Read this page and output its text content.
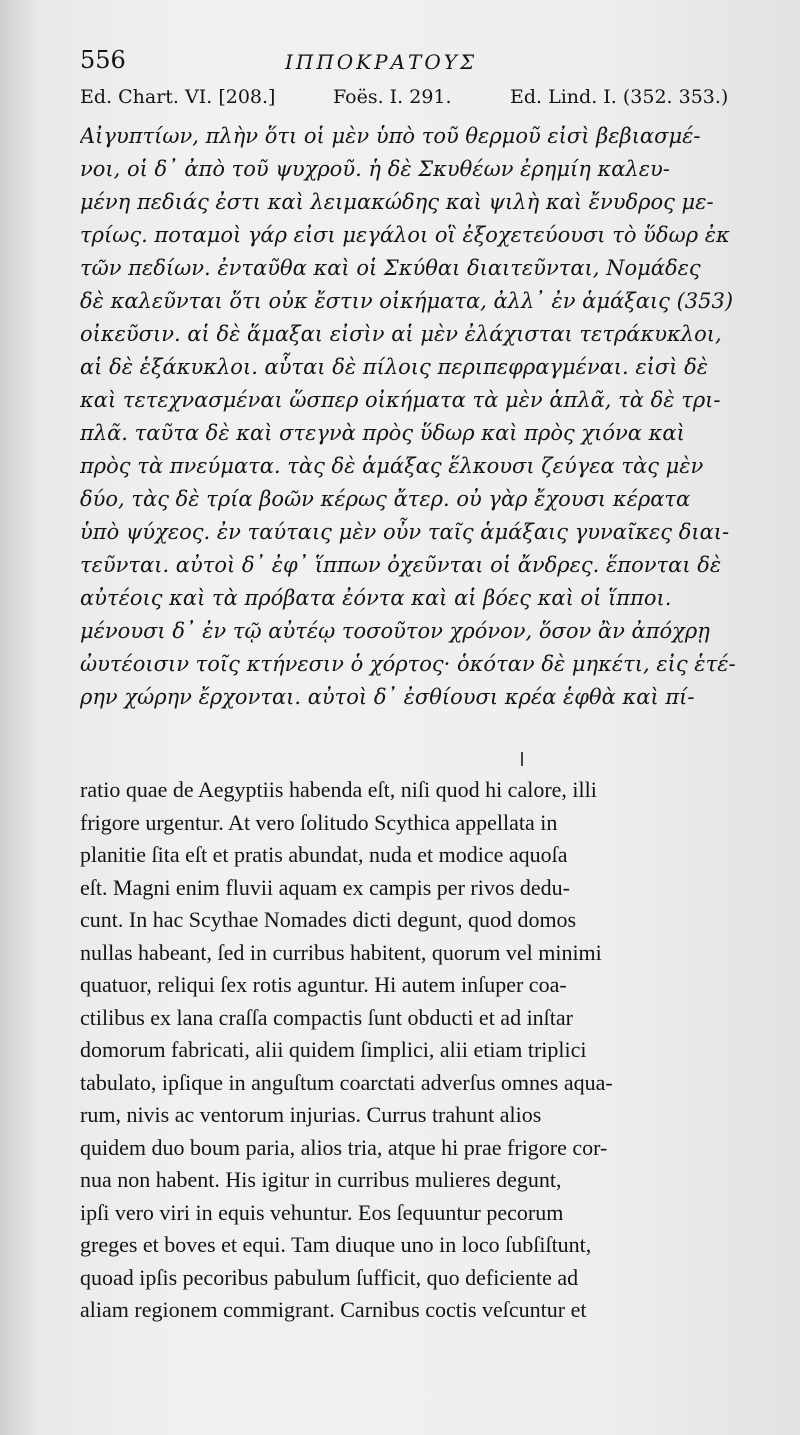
556	ΙΠΠΟΚΡΑΤΟΥΣ
Ed. Chart. VI. [208.]	Foës. I. 291.	Ed. Lind. I. (352. 353.)
Αἰγυπτίων, πλὴν ὅτι οἱ μὲν ὑπὸ τοῦ θερμοῦ εἰσὶ βεβιασμέ-
νοι, οἱ δ᾽ ἀπὸ τοῦ ψυχροῦ. ἡ δὲ Σκυθέων ἐρημίη καλευ-
μένη πεδιάς ἐστι καὶ λειμακώδης καὶ ψιλὴ καὶ ἔνυδρος με-
τρίως. ποταμοὶ γάρ εἰσι μεγάλοι οἳ ἐξοχετεύουσι τὸ ὕδωρ ἐκ
τῶν πεδίων. ἐνταῦθα καὶ οἱ Σκύθαι διαιτεῦνται, Νομάδες
δὲ καλεῦνται ὅτι οὐκ ἔστιν οἰκήματα, ἀλλ᾽ ἐν ἁμάξαις (353)
οἰκεῦσιν. αἱ δὲ ἅμαξαι εἰσὶν αἱ μὲν ἐλάχισται τετράκυκλοι,
αἱ δὲ ἑξάκυκλοι. αὗται δὲ πίλοις περιπεφραγμέναι. εἰσὶ δὲ
καὶ τετεχνασμέναι ὥσπερ οἰκήματα τὰ μὲν ἁπλᾶ, τὰ δὲ τρι-
πλᾶ. ταῦτα δὲ καὶ στεγνὰ πρὸς ὕδωρ καὶ πρὸς χιόνα καὶ
πρὸς τὰ πνεύματα. τὰς δὲ ἁμάξας ἕλκουσι ζεύγεα τὰς μὲν
δύο, τὰς δὲ τρία βοῶν κέρως ἄτερ. οὐ γὰρ ἔχουσι κέρατα
ὑπὸ ψύχεος. ἐν ταύταις μὲν οὖν ταῖς ἁμάξαις γυναῖκες διαι-
τεῦνται. αὐτοὶ δ᾽ ἐφ᾽ ἵππων ὀχεῦνται οἱ ἄνδρες. ἕπονται δὲ
αὐτέοις καὶ τὰ πρόβατα ἐόντα καὶ αἱ βόες καὶ οἱ ἵπποι.
μένουσι δ᾽ ἐν τῷ αὐτέῳ τοσοῦτον χρόνον, ὅσον ἂν ἀπόχρῃ
ὠυτέοισιν τοῖς κτήνεσιν ὁ χόρτος· ὁκόταν δὲ μηκέτι, εἰς ἑτέ-
ρην χώρην ἔρχονται. αὐτοὶ δ᾽ ἐσθίουσι κρέα ἑφθὰ καὶ πί-
ratio quae de Aegyptiis habenda eſt, niſi quod hi calore, illi
frigore urgentur. At vero ſolitudo Scythica appellata in
planitie ſita eſt et pratis abundat, nuda et modice aquoſa
eſt. Magni enim fluvii aquam ex campis per rivos dedu-
cunt. In hac Scythae Nomades dicti degunt, quod domos
nullas habeant, ſed in curribus habitent, quorum vel minimi
quatuor, reliqui ſex rotis aguntur. Hi autem inſuper coa-
ctilibus ex lana craſſa compactis ſunt obducti et ad inſtar
domorum fabricati, alii quidem ſimplici, alii etiam triplici
tabulato, ipſique in anguſtum coarctati adverſus omnes aqua-
rum, nivis ac ventorum injurias. Currus trahunt alios
quidem duo boum paria, alios tria, atque hi prae frigore cor-
nua non habent. His igitur in curribus mulieres degunt,
ipſi vero viri in equis vehuntur. Eos ſequuntur pecorum
greges et boves et equi. Tam diuque uno in loco ſubſiſtunt,
quoad ipſis pecoribus pabulum ſufficit, quo deficiente ad
aliam regionem commigrant. Carnibus coctis veſcuntur et
